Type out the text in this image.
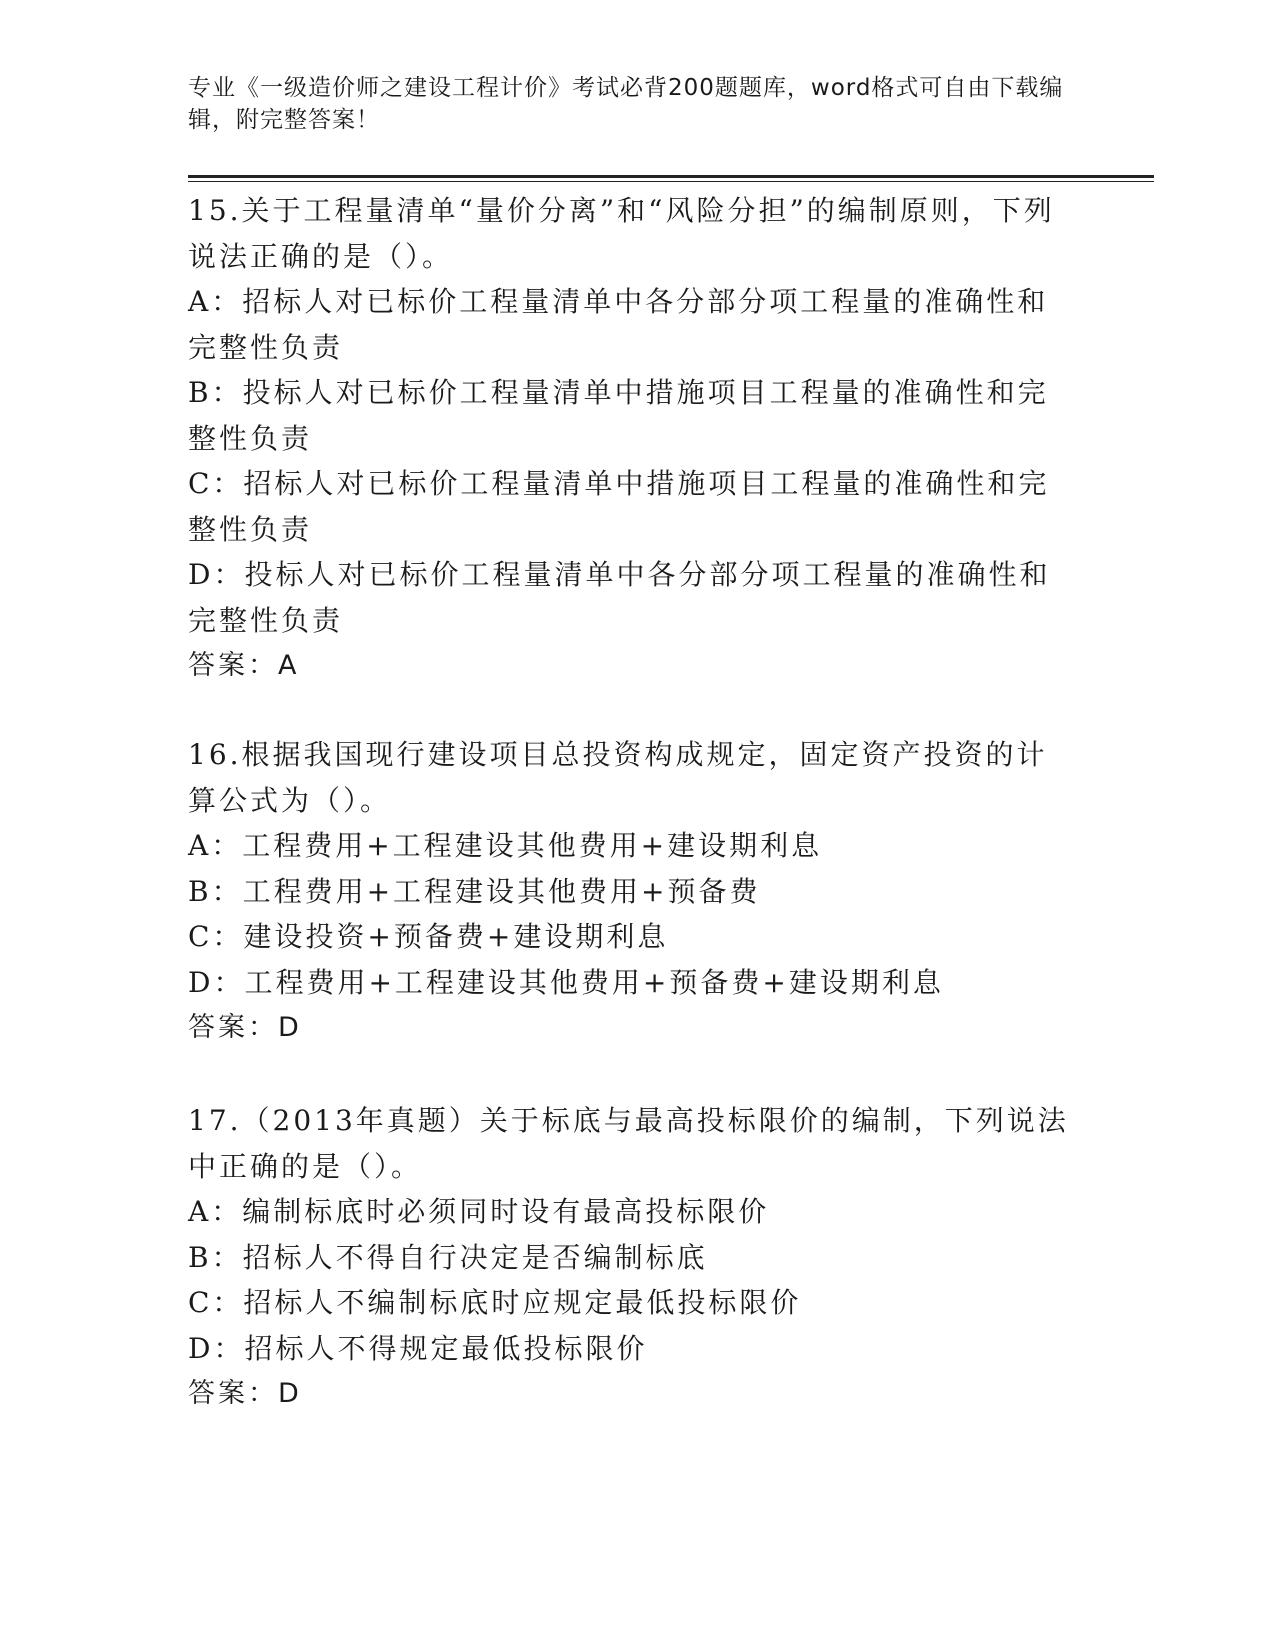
专业《一级造价师之建设工程计价》考试必背200题题库，word格式可自由下载编辑，附完整答案！
15.关于工程量清单“量价分离”和“风险分担”的编制原则，下列说法正确的是（）。
A：招标人对已标价工程量清单中各分部分项工程量的准确性和完整性负责
B：投标人对已标价工程量清单中措施项目工程量的准确性和完整性负责
C：招标人对已标价工程量清单中措施项目工程量的准确性和完整性负责
D：投标人对已标价工程量清单中各分部分项工程量的准确性和完整性负责
答案：A
16.根据我国现行建设项目总投资构成规定，固定资产投资的计算公式为（）。
A：工程费用+工程建设其他费用+建设期利息
B：工程费用+工程建设其他费用+预备费
C：建设投资+预备费+建设期利息
D：工程费用+工程建设其他费用+预备费+建设期利息
答案：D
17.（2013年真题）关于标底与最高投标限价的编制，下列说法中正确的是（）。
A：编制标底时必须同时设有最高投标限价
B：招标人不得自行决定是否编制标底
C：招标人不编制标底时应规定最低投标限价
D：招标人不得规定最低投标限价
答案：D
